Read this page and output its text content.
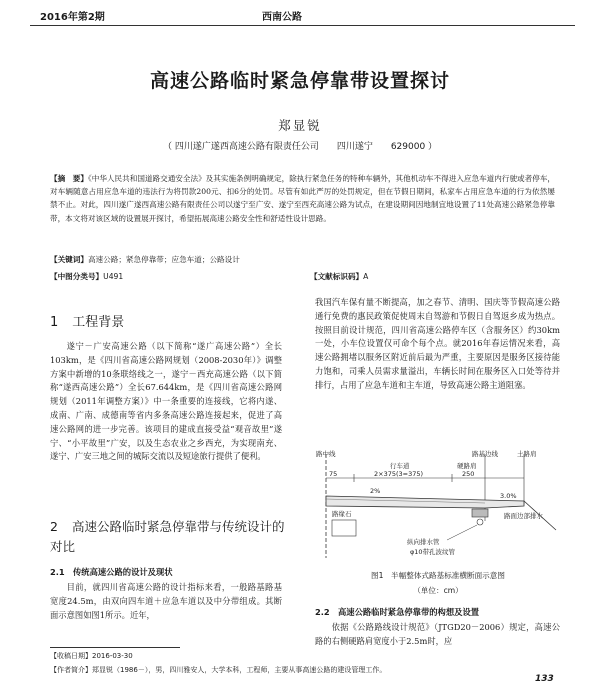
2016年第2期	西南公路
高速公路临时紧急停靠带设置探讨
郑显锐
（ 四川遂广遂西高速公路有限责任公司　　四川遂宁　　629000 ）
【摘　要】《中华人民共和国道路交通安全法》及其实施条例明确规定，除执行紧急任务的特种车辆外，其他机动车不得进入应急车道内行驶或者停车，对车辆随意占用应急车道的违法行为将罚款200元、扣6分的处罚。尽管有如此严厉的处罚规定，但在节假日期间，私家车占用应急车道的行为依然屡禁不止。对此，四川遂广遂西高速公路有限责任公司以遂宁至广安、遂宁至西充高速公路为试点，在建设期间因地制宜地设置了11处高速公路紧急停靠带，本文将对该区域的设置展开探讨，希望拓展高速公路安全性和舒适性设计思路。
【关键词】高速公路；紧急停靠带；应急车道；公路设计
【中图分类号】U491	【文献标识码】A
1 工程背景
遂宁－广安高速公路（以下简称“遂广高速公路”）全长103km，是《四川省高速公路网规划（2008-2030年）》调整方案中新增的10条联络线之一，遂宁－西充高速公路（以下简称“遂西高速公路”）全长67.644km，是《四川省高速公路网规划（2011年调整方案）》中一条重要的连接线，它将内遂、成南、广南、成德南等省内多条高速公路连接起来，促进了高速公路网的进一步完善。该项目的建成直接受益“观音故里”遂宁、“小平故里”广安，以及生态农业之乡西充，为实现南充、遂宁、广安三地之间的城际交流以及短途旅行提供了便利。
2 高速公路临时紧急停靠带与传统设计的对比
2.1　传统高速公路的设计及现状
目前，就四川省高速公路的设计指标来看，一般路基路基宽度24.5m，由双向四车道＋应急车道以及中分带组成。其断面示意图如图1所示。近年，
我国汽车保有量不断提高，加之春节、清明、国庆等节假高速公路通行免费的惠民政策促使周末自驾游和节假日自驾返乡成为热点。按照目前设计规范，四川省高速公路停车区（含服务区）约30km一处，小车位设置仅可命个每个点。就2016年春运情况来看，高速公路拥堵以服务区附近前后最为严重，主要原因是服务区接待能力饱和，司乘人员需求量溢出，车辆长时间在服务区入口处等待并排行，占用了应急车道和主车道，导致高速公路主道阻塞。
路中线	路基边线	土路肩
75
行车道
2×375(3=375)
硬路肩
250
2%
3.0%
路缘石	路面边部排水
纵向排水管
φ10带孔波纹管
图1　半幅整体式路基标准横断面示意图
（单位：cm）
2.2　高速公路临时紧急停靠带的构想及设置
依据《公路路线设计规范》（JTGD20－2006）规定，高速公路的右侧硬路肩宽度小于2.5m时，应
【收稿日期】2016-03-30
【作者简介】郑显锐（1986－），男，四川雅安人，大学本科，工程师，主要从事高速公路的建设管理工作。
133
